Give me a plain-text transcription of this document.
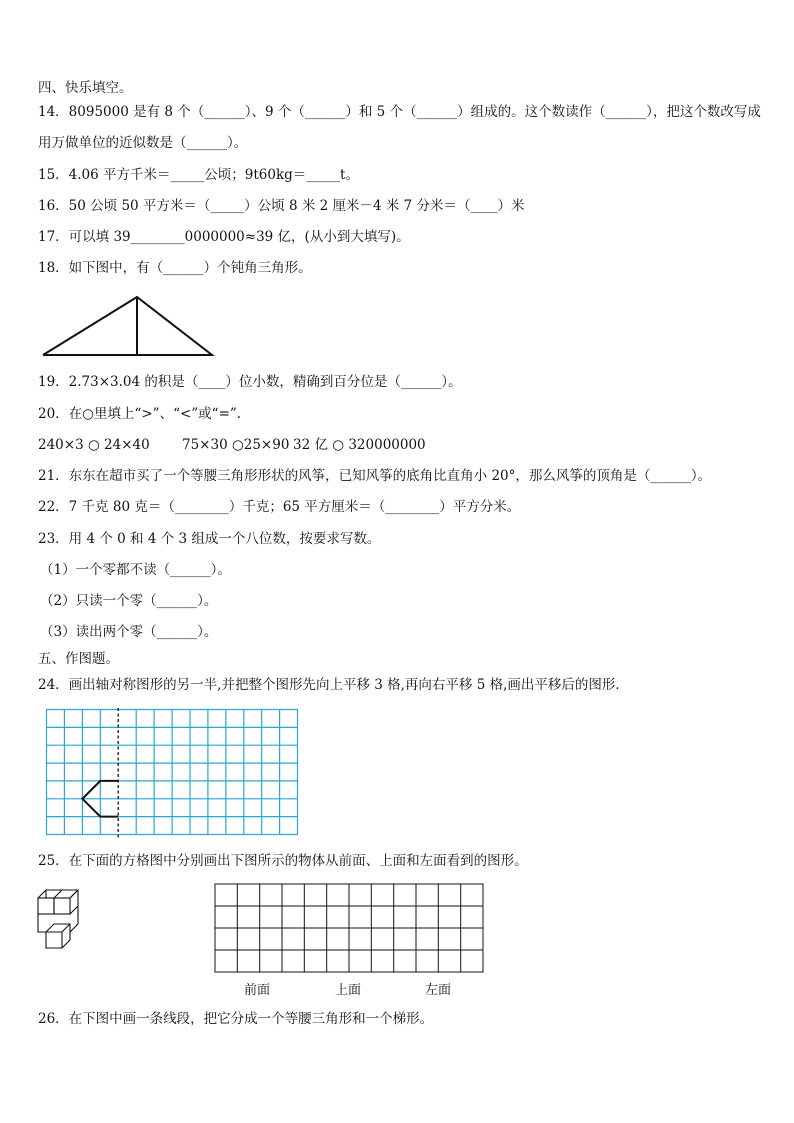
四、快乐填空。
14．8095000 是有 8 个（______）、9 个（______）和 5 个（______）组成的。这个数读作（______），把这个数改写成
用万做单位的近似数是（______）。
15．4.06 平方千米＝_____公顷；9t60kg＝_____t。
16．50 公顷 50 平方米＝（_____）公顷 8 米 2 厘米－4 米 7 分米＝（____）米
17．可以填 39________0000000≈39 亿，(从小到大填写)。
18．如下图中，有（______）个钝角三角形。
19．2.73×3.04 的积是（____）位小数，精确到百分位是（______）。
20．在○里填上“>”、“<”或“=”.
240×3 ○ 24×40 75×30 ○25×90 32 亿 ○ 320000000
21．东东在超市买了一个等腰三角形形状的风筝，已知风筝的底角比直角小 20°，那么风筝的顶角是（______）。
22．7 千克 80 克＝（________）千克；65 平方厘米＝（________）平方分米。
23．用 4 个 0 和 4 个 3 组成一个八位数，按要求写数。
（1）一个零都不读（______）。
（2）只读一个零（______）。
（3）读出两个零（______）。
五、作图题。
24．画出轴对称图形的另一半,并把整个图形先向上平移 3 格,再向右平移 5 格,画出平移后的图形．
25．在下面的方格图中分别画出下图所示的物体从前面、上面和左面看到的图形。
前面	上面	左面
26．在下图中画一条线段，把它分成一个等腰三角形和一个梯形。
